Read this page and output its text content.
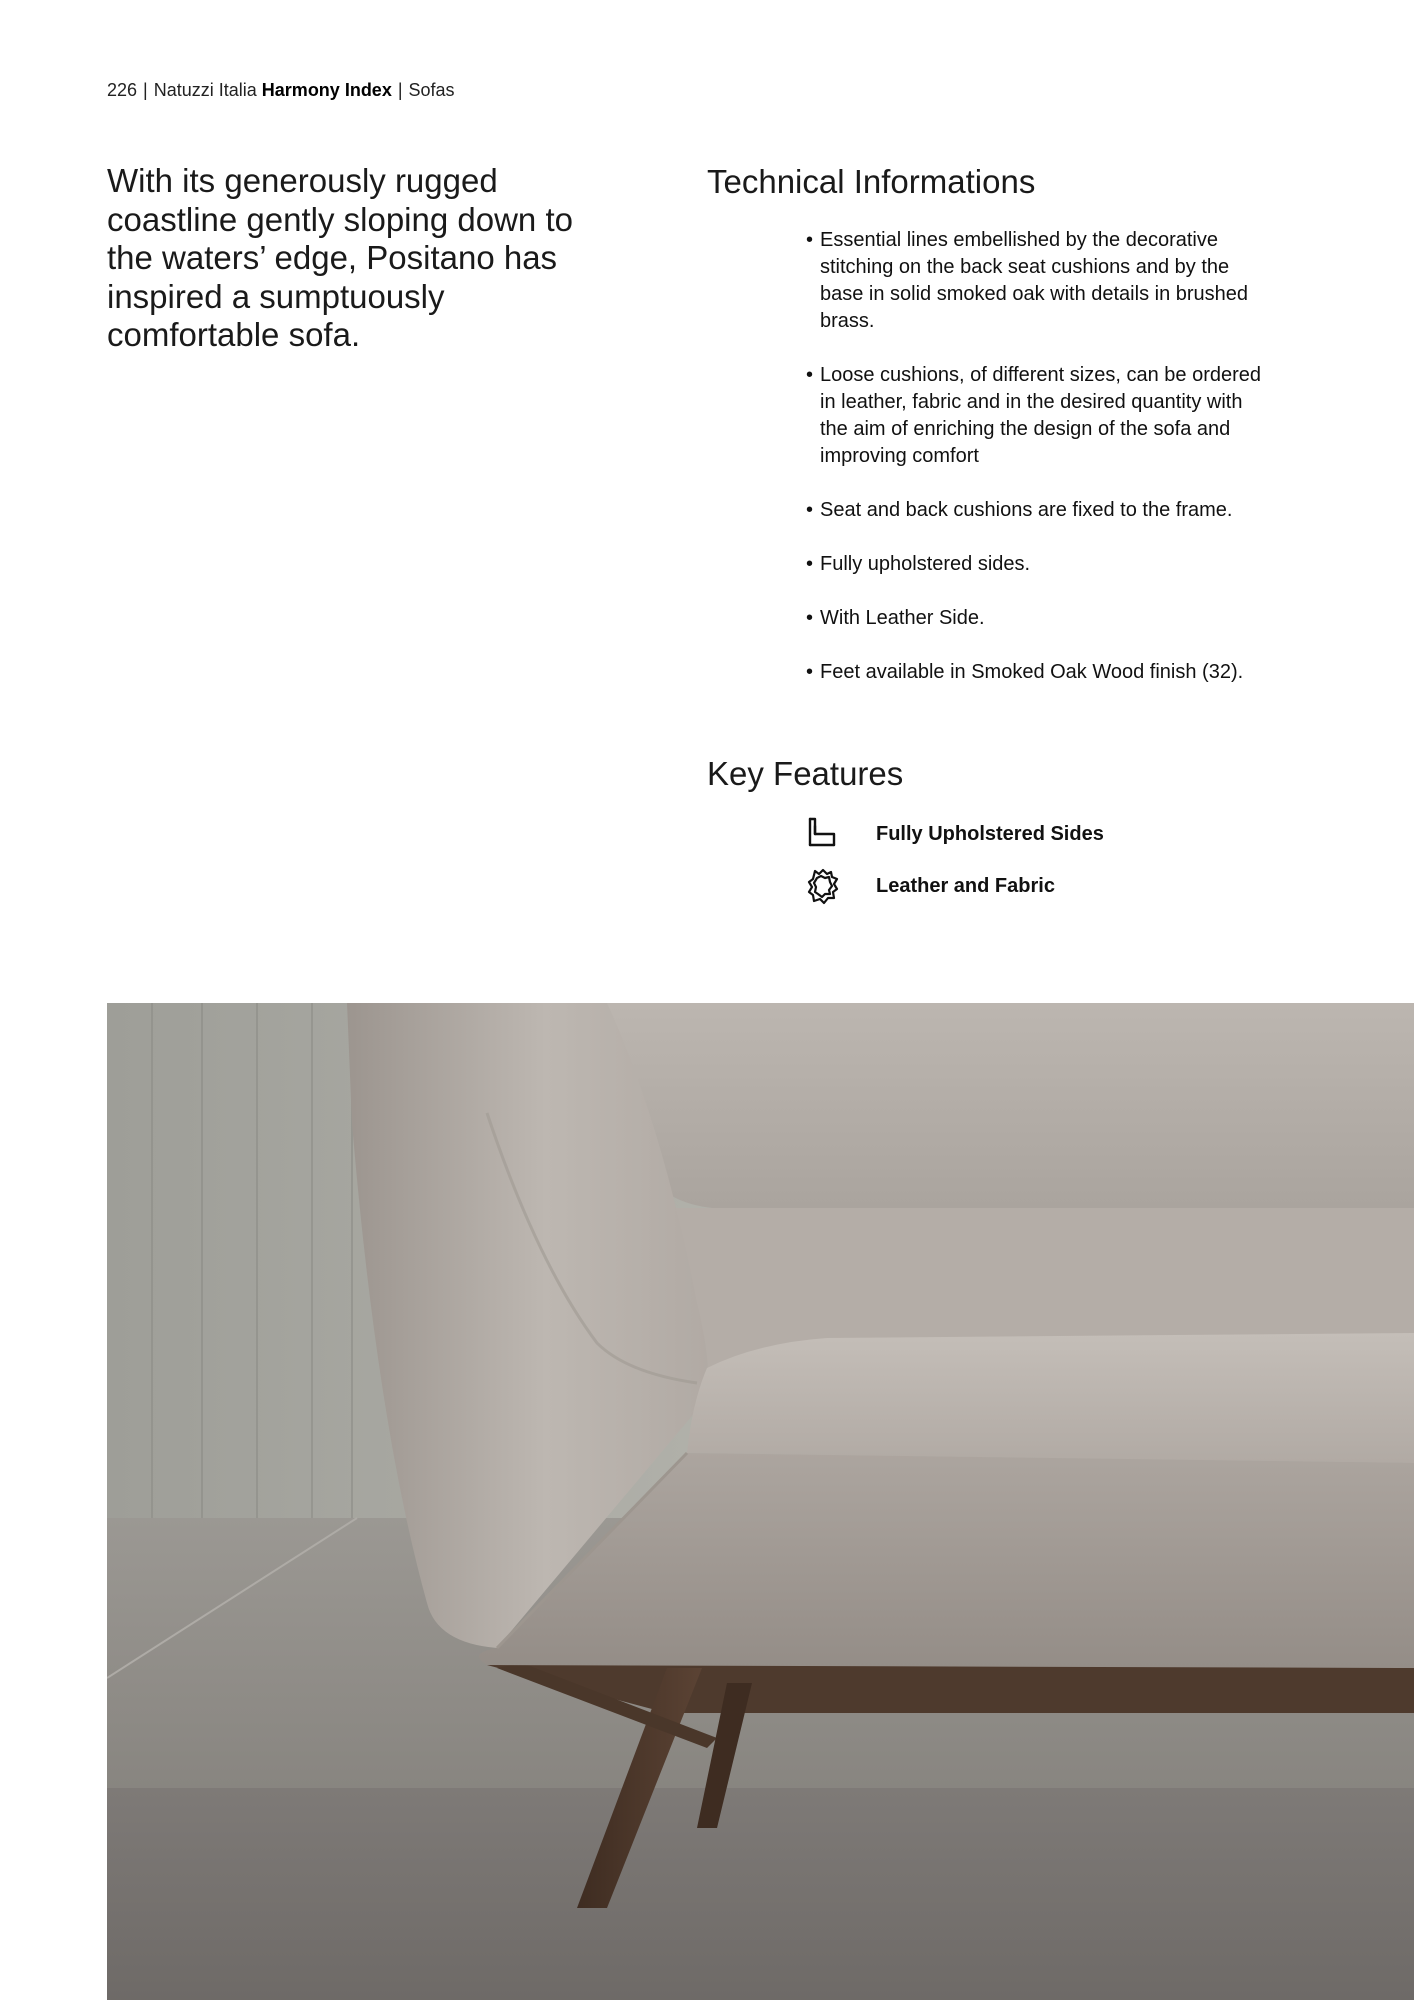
226 | Natuzzi Italia Harmony Index | Sofas

With its generously rugged coastline gently sloping down to the waters’ edge, Positano has inspired a sumptuously comfortable sofa.

Technical Informations
• Essential lines embellished by the decorative stitching on the back seat cushions and by the base in solid smoked oak with details in brushed brass.
• Loose cushions, of different sizes, can be ordered in leather, fabric and in the desired quantity with the aim of enriching the design of the sofa and improving comfort
• Seat and back cushions are fixed to the frame.
• Fully upholstered sides.
• With Leather Side.
• Feet available in Smoked Oak Wood finish (32).
Key Features
Fully Upholstered Sides
Leather and Fabric
